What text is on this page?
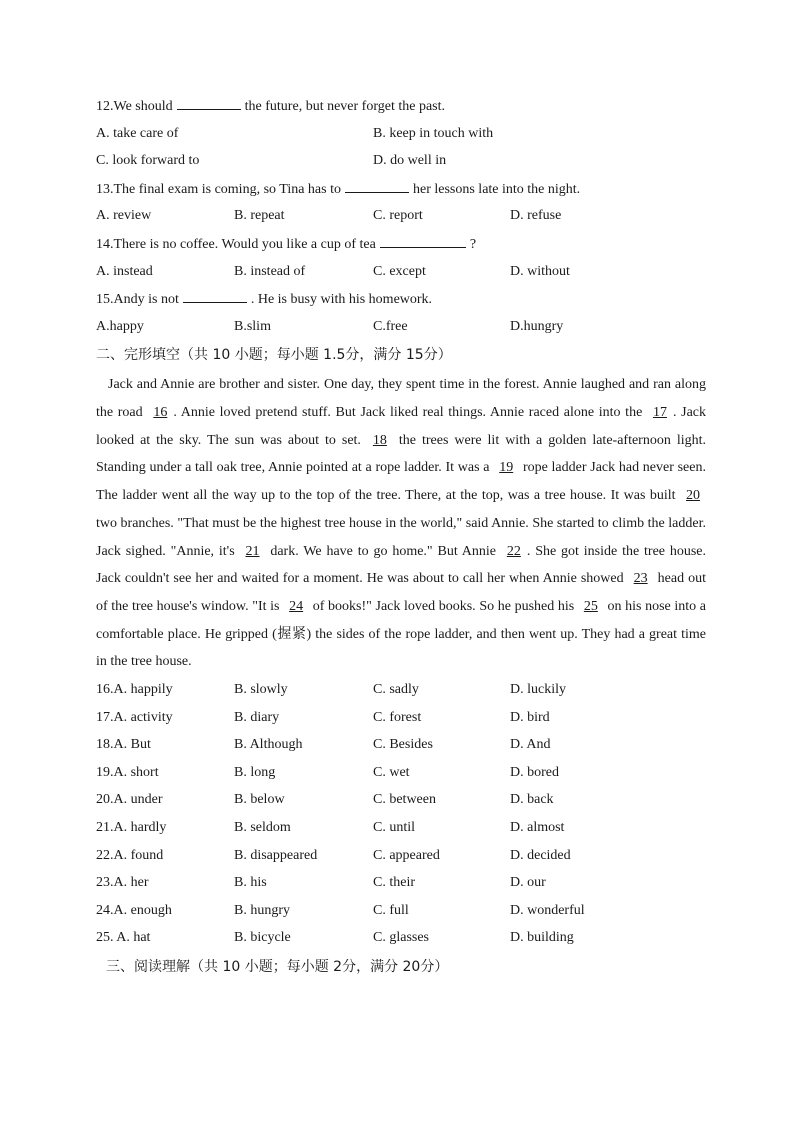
12.We should	the future, but never forget the past.
A. take care of	B. keep in touch with
C. look forward to	D. do well in
13.The final exam is coming, so Tina has to	her lessons late into the night.
A. review	B. repeat	C. report	D. refuse
14.There is no coffee. Would you like a cup of tea	?
A. instead	B. instead of	C. except	D. without
15.Andy is not	. He is busy with his homework.
A.happy	B.slim	C.free	D.hungry
二、完形填空（共 10 小题；每小题 1.5分，满分 15分）
Jack and Annie are brother and sister. One day, they spent time in the forest. Annie laughed and ran along the road 16 . Annie loved pretend stuff. But Jack liked real things. Annie raced alone into the 17 . Jack looked at the sky. The sun was about to set. 18 the trees were lit with a golden late-afternoon light. Standing under a tall oak tree, Annie pointed at a rope ladder. It was a 19 rope ladder Jack had never seen. The ladder went all the way up to the top of the tree. There, at the top, was a tree house. It was built 20 two branches. "That must be the highest tree house in the world," said Annie. She started to climb the ladder. Jack sighed. "Annie, it's 21 dark. We have to go home." But Annie 22 . She got inside the tree house. Jack couldn't see her and waited for a moment. He was about to call her when Annie showed 23 head out of the tree house's window. "It is 24 of books!" Jack loved books. So he pushed his 25 on his nose into a comfortable place. He gripped (握紧) the sides of the rope ladder, and then went up. They had a great time in the tree house.
16.A. happily	B. slowly	C. sadly	D. luckily
17.A. activity	B. diary	C. forest	D. bird
18.A. But	B. Although	C. Besides	D. And
19.A. short	B. long	C. wet	D. bored
20.A. under	B. below	C. between	D. back
21.A. hardly	B. seldom	C. until	D. almost
22.A. found	B. disappeared	C. appeared	D. decided
23.A. her	B. his	C. their	D. our
24.A. enough	B. hungry	C. full	D. wonderful
25. A. hat	B. bicycle	C. glasses	D. building
三、阅读理解（共 10 小题；每小题 2分，满分 20分）
